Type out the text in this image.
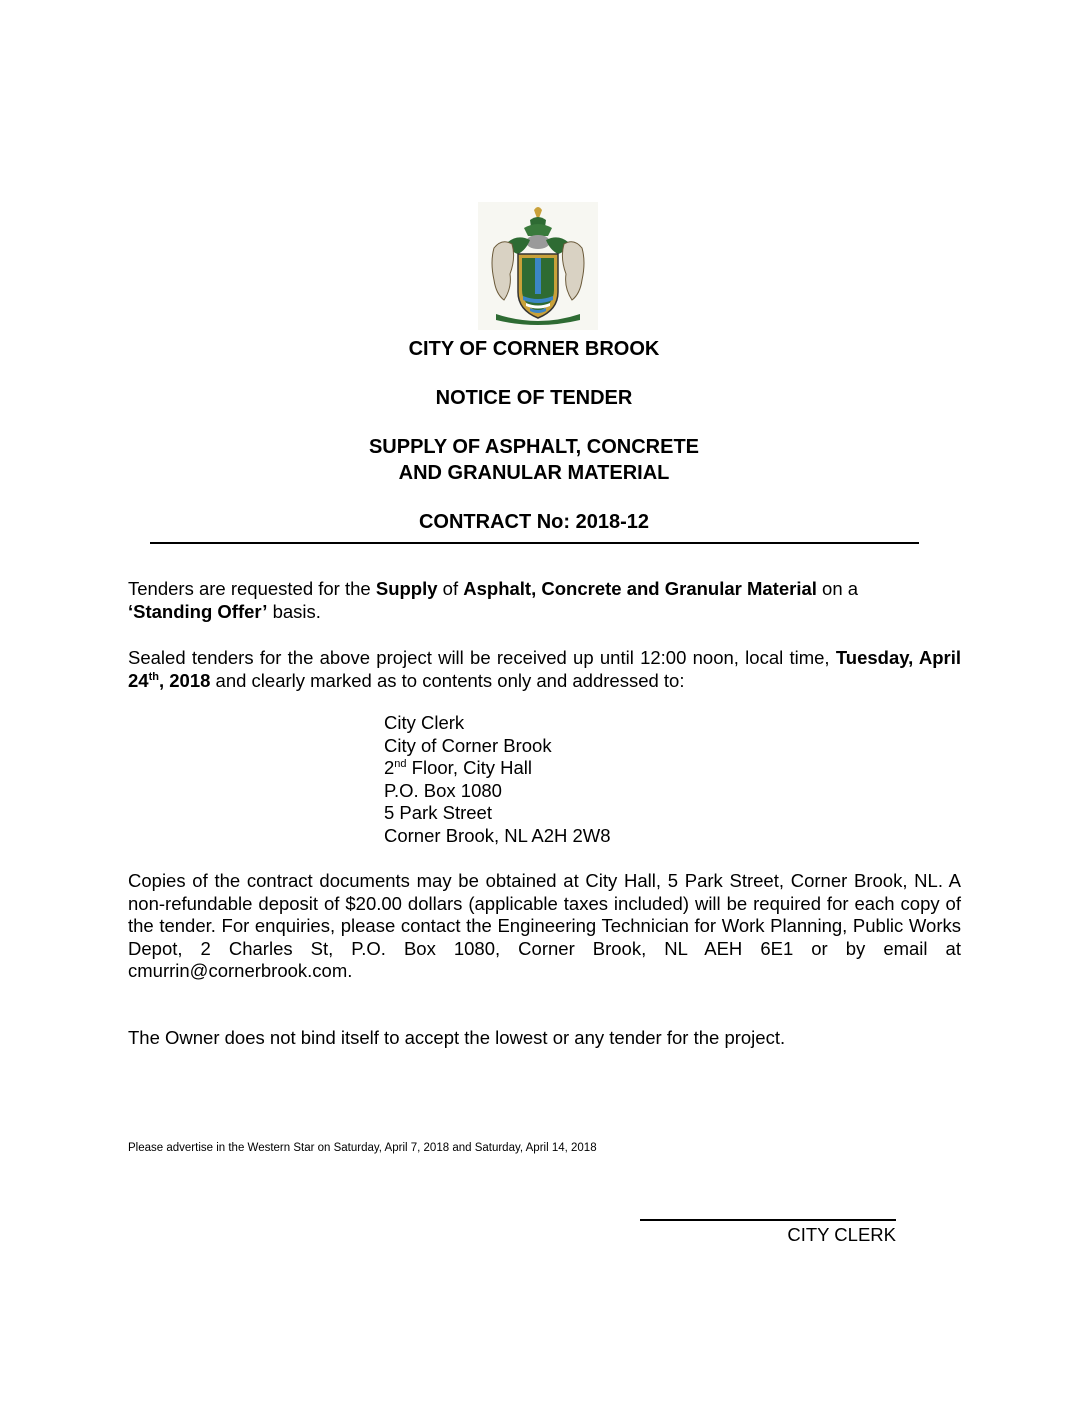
CITY OF CORNER BROOK
NOTICE OF TENDER
SUPPLY OF ASPHALT, CONCRETE
AND GRANULAR MATERIAL
CONTRACT No: 2018-12
Tenders are requested for the Supply of Asphalt, Concrete and Granular Material on a
‘Standing Offer’ basis.
Sealed tenders for the above project will be received up until 12:00 noon, local time, Tuesday, April 24th, 2018 and clearly marked as to contents only and addressed to:
City Clerk
City of Corner Brook
2nd Floor, City Hall
P.O. Box 1080
5 Park Street
Corner Brook, NL A2H 2W8
Copies of the contract documents may be obtained at City Hall, 5 Park Street, Corner Brook, NL. A non-refundable deposit of $20.00 dollars (applicable taxes included) will be required for each copy of the tender. For enquiries, please contact the Engineering Technician for Work Planning, Public Works Depot, 2 Charles St, P.O. Box 1080, Corner Brook, NL AEH 6E1 or by email at cmurrin@cornerbrook.com.
The Owner does not bind itself to accept the lowest or any tender for the project.
Please advertise in the Western Star on Saturday, April 7, 2018 and Saturday, April 14, 2018
CITY CLERK
